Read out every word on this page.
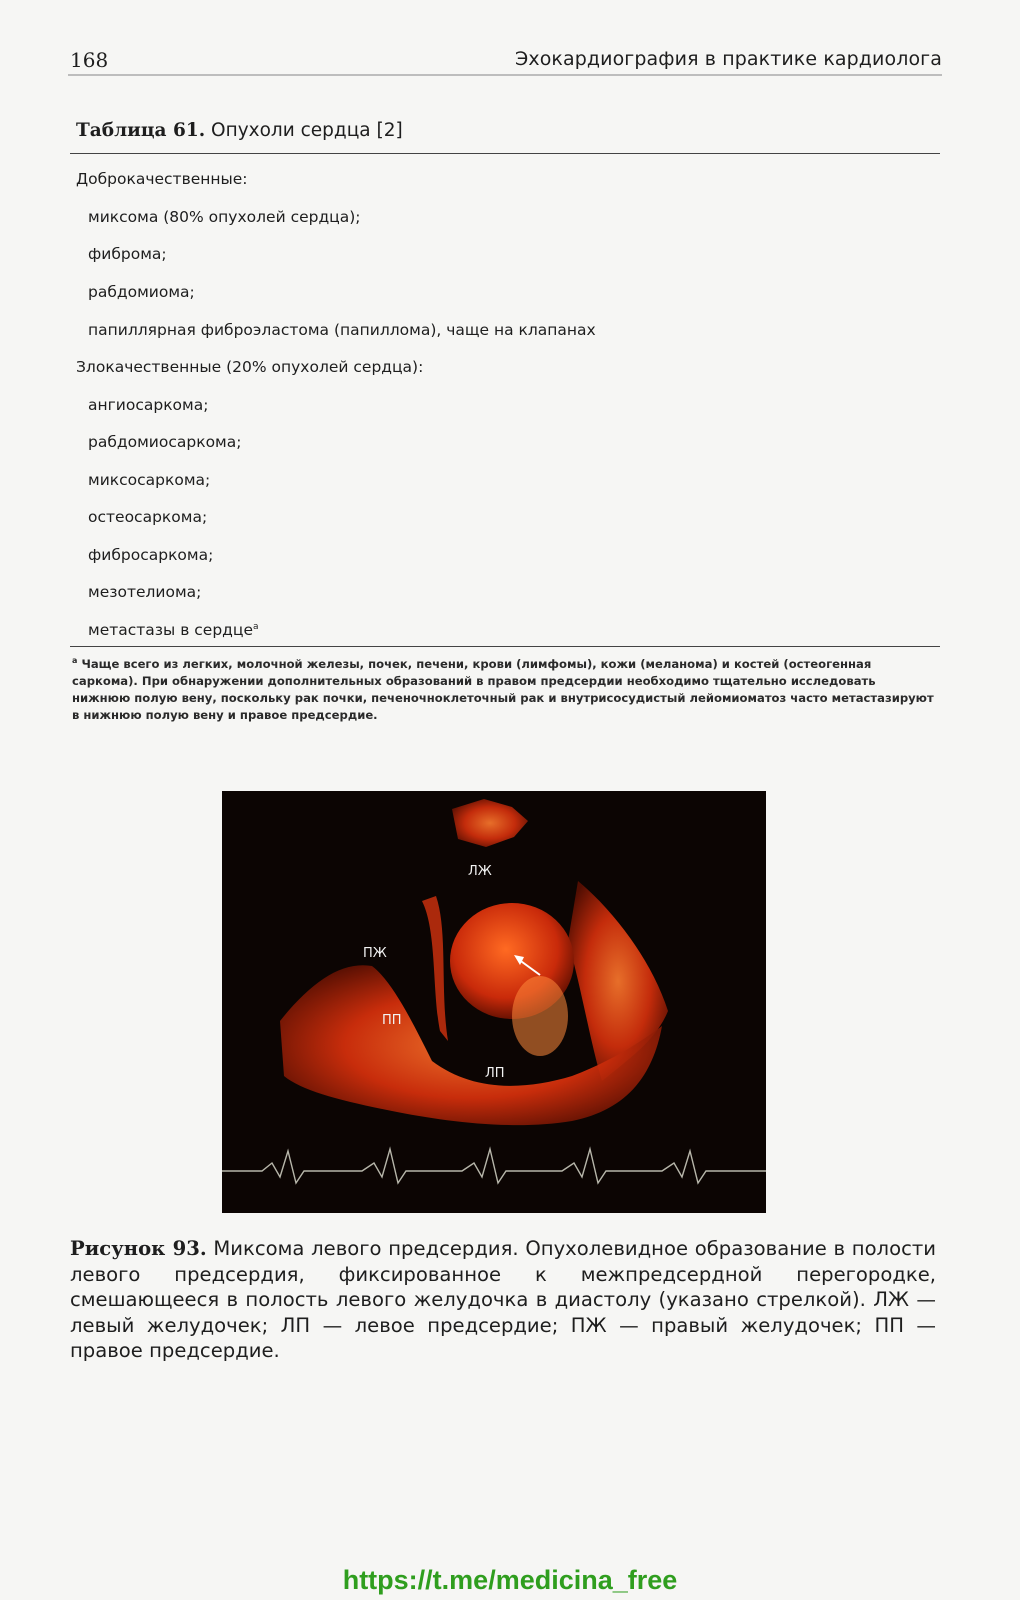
168	Эхокардиография в практике кардиолога
Таблица 61. Опухоли сердца [2]
Доброкачественные:
миксома (80% опухолей сердца);
фиброма;
рабдомиома;
папиллярная фиброэластома (папиллома), чаще на клапанах
Злокачественные (20% опухолей сердца):
ангиосаркома;
рабдомиосаркома;
миксосаркома;
остеосаркома;
фибросаркома;
мезотелиома;
метастазы в сердце$^a$
$^a$ Чаще всего из легких, молочной железы, почек, печени, крови (лимфомы), кожи (меланома) и костей (остеогенная саркома). При обнаружении дополнительных образований в правом предсердии необходимо тщательно исследовать нижнюю полую вену, поскольку рак почки, печеночноклеточный рак и внутрисосудистый лейомиоматоз часто метастазируют в нижнюю полую вену и правое предсердие.
ЛЖ
ПЖ
ПП
ЛП
Рисунок 93. Миксома левого предсердия. Опухолевидное образование в полости левого предсердия, фиксированное к межпредсердной перегородке, смешающееся в полость левого желудочка в диастолу (указано стрелкой). ЛЖ — левый желудочек; ЛП — левое предсердие; ПЖ — правый желудочек; ПП — правое предсердие.
https://t.me/medicina_free
